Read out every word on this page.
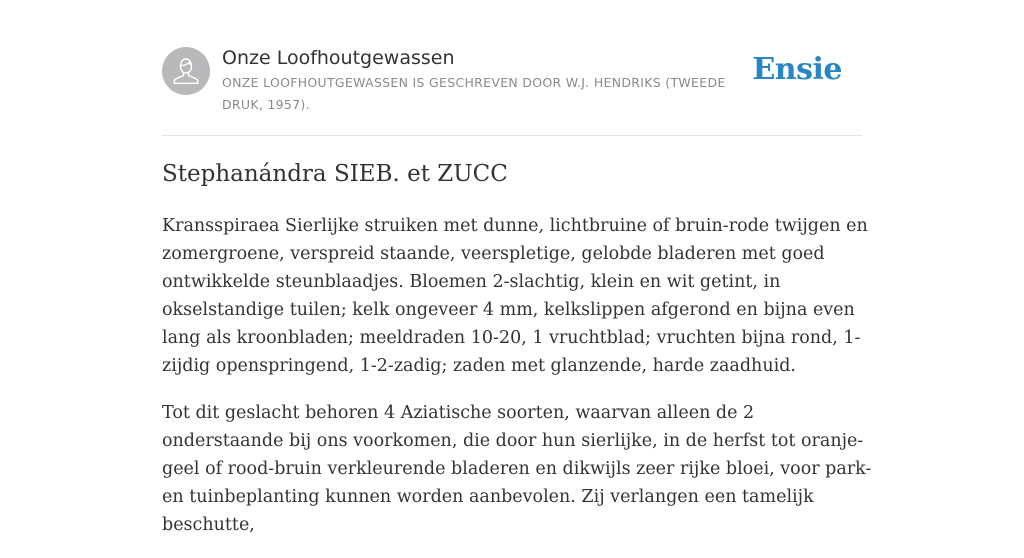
Onze Loofhoutgewassen
ONZE LOOFHOUTGEWASSEN IS GESCHREVEN DOOR W.J. HENDRIKS (TWEEDE DRUK, 1957).
Ensie
Stephanándra SIEB. et ZUCC

Kransspiraea Sierlijke struiken met dunne, lichtbruine of bruin-rode twijgen en zomergroene, verspreid staande, veerspletige, gelobde bladeren met goed ontwikkelde steunblaadjes. Bloemen 2-slachtig, klein en wit getint, in okselstandige tuilen; kelk ongeveer 4 mm, kelkslippen afgerond en bijna even lang als kroonbladen; meeldraden 10-20, 1 vruchtblad; vruchten bijna rond, 1-zijdig openspringend, 1-2-zadig; zaden met glanzende, harde zaadhuid.

Tot dit geslacht behoren 4 Aziatische soorten, waarvan alleen de 2 onderstaande bij ons voorkomen, die door hun sierlijke, in de herfst tot oranje-geel of rood-bruin verkleurende bladeren en dikwijls zeer rijke bloei, voor park- en tuinbeplanting kunnen worden aanbevolen. Zij verlangen een tamelijk beschutte,
